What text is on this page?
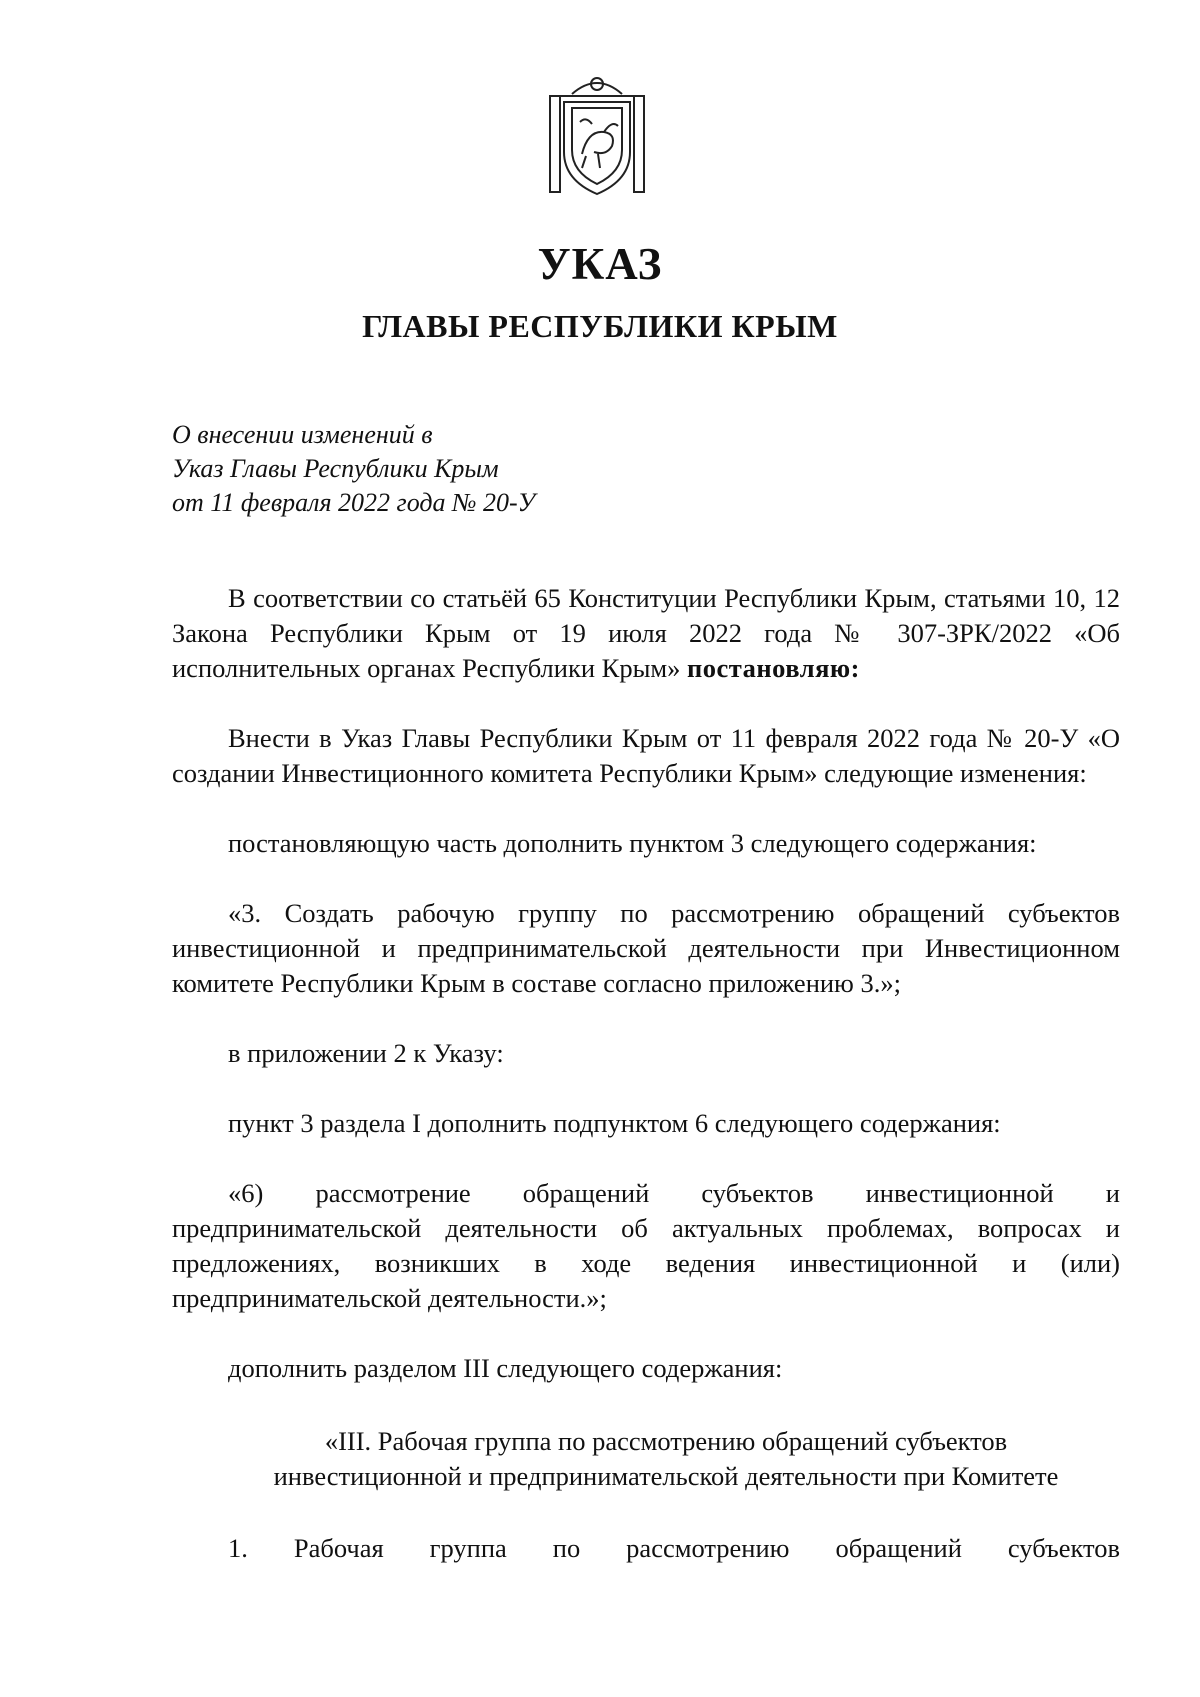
УКАЗ
ГЛАВЫ РЕСПУБЛИКИ КРЫМ
О внесении изменений в
Указ Главы Республики Крым
от 11 февраля 2022 года № 20-У

В соответствии со статьёй 65 Конституции Республики Крым, статьями 10, 12 Закона Республики Крым от 19 июля 2022 года № 307-ЗРК/2022 «Об исполнительных органах Республики Крым» постановляю:

Внести в Указ Главы Республики Крым от 11 февраля 2022 года № 20-У «О создании Инвестиционного комитета Республики Крым» следующие изменения:

постановляющую часть дополнить пунктом 3 следующего содержания:

«3. Создать рабочую группу по рассмотрению обращений субъектов инвестиционной и предпринимательской деятельности при Инвестиционном комитете Республики Крым в составе согласно приложению 3.»;

в приложении 2 к Указу:

пункт 3 раздела I дополнить подпунктом 6 следующего содержания:

«6) рассмотрение обращений субъектов инвестиционной и предпринимательской деятельности об актуальных проблемах, вопросах и предложениях, возникших в ходе ведения инвестиционной и (или) предпринимательской деятельности.»;

дополнить разделом III следующего содержания:

«III. Рабочая группа по рассмотрению обращений субъектов
инвестиционной и предпринимательской деятельности при Комитете
1. Рабочая группа по рассмотрению обращений субъектов
